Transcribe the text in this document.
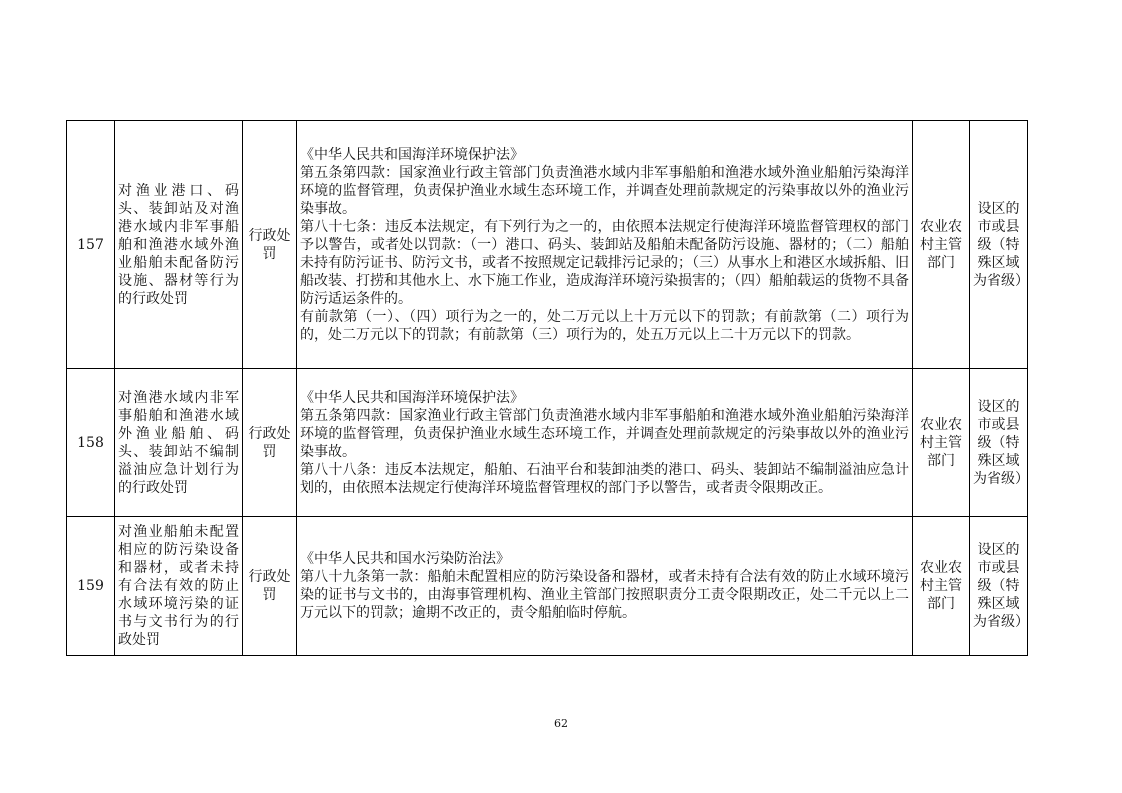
157	对渔业港口、码头、装卸站及对渔港水域内非军事船舶和渔港水域外渔业船舶未配备防污设施、器材等行为的行政处罚	行政处罚	《中华人民共和国海洋环境保护法》

第五条第四款：国家渔业行政主管部门负责渔港水域内非军事船舶和渔港水域外渔业船舶污染海洋环境的监督管理，负责保护渔业水域生态环境工作，并调查处理前款规定的污染事故以外的渔业污染事故。

第八十七条：违反本法规定，有下列行为之一的，由依照本法规定行使海洋环境监督管理权的部门予以警告，或者处以罚款：（一）港口、码头、装卸站及船舶未配备防污设施、器材的；（二）船舶未持有防污证书、防污文书，或者不按照规定记载排污记录的；（三）从事水上和港区水域拆船、旧船改装、打捞和其他水上、水下施工作业，造成海洋环境污染损害的；（四）船舶载运的货物不具备防污适运条件的。

有前款第（一）、（四）项行为之一的，处二万元以上十万元以下的罚款；有前款第（二）项行为的，处二万元以下的罚款；有前款第（三）项行为的，处五万元以上二十万元以下的罚款。	农业农村主管部门	设区的市或县级（特殊区域为省级）
158	对渔港水域内非军事船舶和渔港水域外渔业船舶、码头、装卸站不编制溢油应急计划行为的行政处罚	行政处罚	《中华人民共和国海洋环境保护法》

第五条第四款：国家渔业行政主管部门负责渔港水域内非军事船舶和渔港水域外渔业船舶污染海洋环境的监督管理，负责保护渔业水域生态环境工作，并调查处理前款规定的污染事故以外的渔业污染事故。

第八十八条：违反本法规定，船舶、石油平台和装卸油类的港口、码头、装卸站不编制溢油应急计划的，由依照本法规定行使海洋环境监督管理权的部门予以警告，或者责令限期改正。	农业农村主管部门	设区的市或县级（特殊区域为省级）
159	对渔业船舶未配置相应的防污染设备和器材，或者未持有合法有效的防止水域环境污染的证书与文书行为的行政处罚	行政处罚	《中华人民共和国水污染防治法》

第八十九条第一款：船舶未配置相应的防污染设备和器材，或者未持有合法有效的防止水域环境污染的证书与文书的，由海事管理机构、渔业主管部门按照职责分工责令限期改正，处二千元以上二万元以下的罚款；逾期不改正的，责令船舶临时停航。	农业农村主管部门	设区的市或县级（特殊区域为省级）
62
